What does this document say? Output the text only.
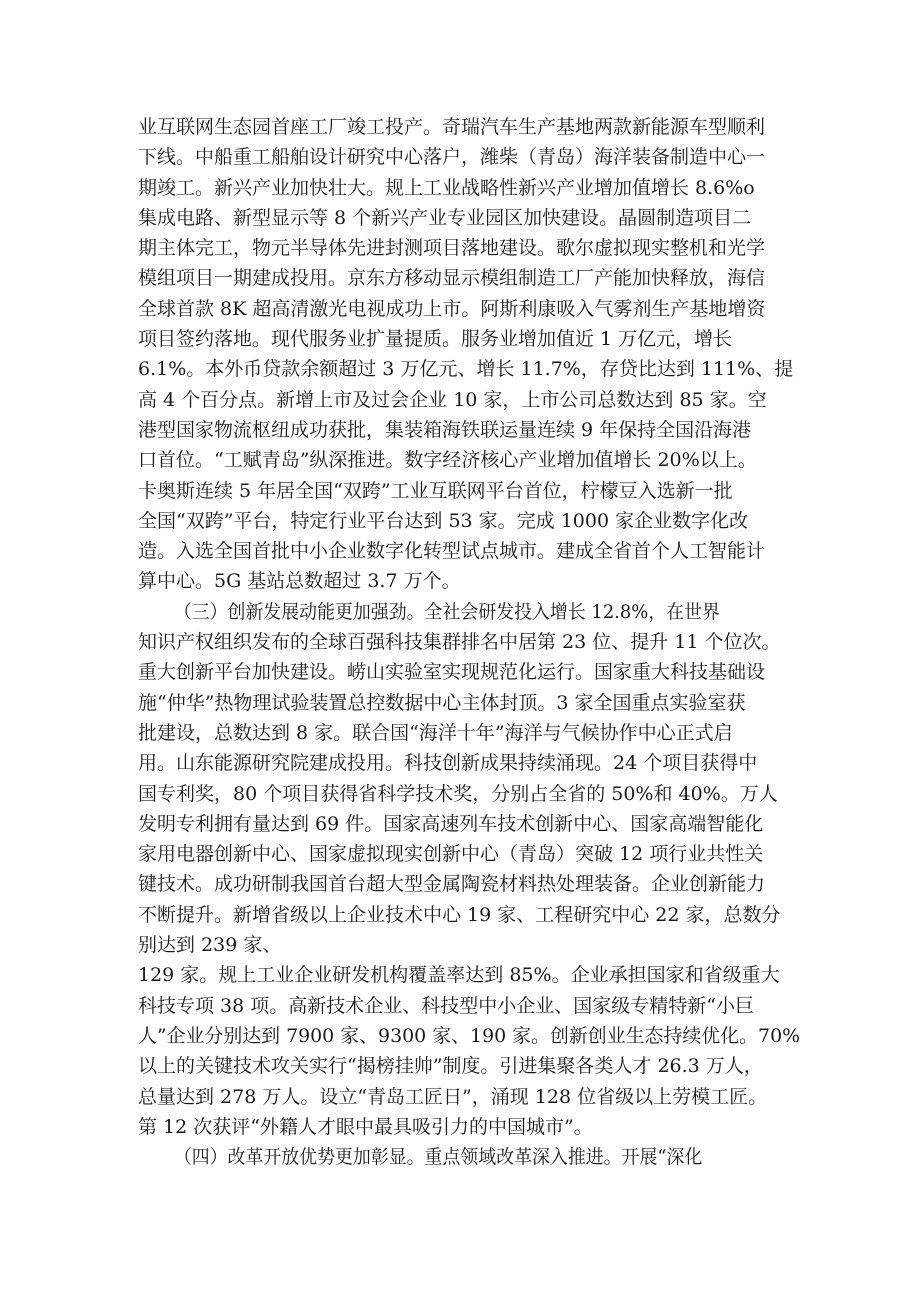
业互联网生态园首座工厂竣工投产。奇瑞汽车生产基地两款新能源车型顺利
下线。中船重工船舶设计研究中心落户，潍柴（青岛）海洋装备制造中心一
期竣工。新兴产业加快壮大。规上工业战略性新兴产业增加值增长 8.6%o
集成电路、新型显示等 8 个新兴产业专业园区加快建设。晶圆制造项目二
期主体完工，物元半导体先进封测项目落地建设。歌尔虚拟现实整机和光学
模组项目一期建成投用。京东方移动显示模组制造工厂产能加快释放，海信
全球首款 8K 超高清激光电视成功上市。阿斯利康吸入气雾剂生产基地增资
项目签约落地。现代服务业扩量提质。服务业增加值近 1 万亿元，增长
6.1%。本外币贷款余额超过 3 万亿元、增长 11.7%，存贷比达到 111%、提
高 4 个百分点。新增上市及过会企业 10 家，上市公司总数达到 85 家。空
港型国家物流枢纽成功获批，集装箱海铁联运量连续 9 年保持全国沿海港
口首位。“工赋青岛”纵深推进。数字经济核心产业增加值增长 20%以上。
卡奥斯连续 5 年居全国“双跨”工业互联网平台首位，柠檬豆入选新一批
全国“双跨”平台，特定行业平台达到 53 家。完成 1000 家企业数字化改
造。入选全国首批中小企业数字化转型试点城市。建成全省首个人工智能计
算中心。5G 基站总数超过 3.7 万个。

（三）创新发展动能更加强劲。全社会研发投入增长 12.8%，在世界
知识产权组织发布的全球百强科技集群排名中居第 23 位、提升 11 个位次。
重大创新平台加快建设。崂山实验室实现规范化运行。国家重大科技基础设
施“仲华”热物理试验装置总控数据中心主体封顶。3 家全国重点实验室获
批建设，总数达到 8 家。联合国“海洋十年”海洋与气候协作中心正式启
用。山东能源研究院建成投用。科技创新成果持续涌现。24 个项目获得中
国专利奖，80 个项目获得省科学技术奖，分别占全省的 50%和 40%。万人
发明专利拥有量达到 69 件。国家高速列车技术创新中心、国家高端智能化
家用电器创新中心、国家虚拟现实创新中心（青岛）突破 12 项行业共性关
键技术。成功研制我国首台超大型金属陶瓷材料热处理装备。企业创新能力
不断提升。新增省级以上企业技术中心 19 家、工程研究中心 22 家，总数分
别达到 239 家、
129 家。规上工业企业研发机构覆盖率达到 85%。企业承担国家和省级重大
科技专项 38 项。高新技术企业、科技型中小企业、国家级专精特新“小巨
人”企业分别达到 7900 家、9300 家、190 家。创新创业生态持续优化。70%
以上的关键技术攻关实行“揭榜挂帅”制度。引进集聚各类人才 26.3 万人，
总量达到 278 万人。设立“青岛工匠日”，涌现 128 位省级以上劳模工匠。
第 12 次获评“外籍人才眼中最具吸引力的中国城市”。

（四）改革开放优势更加彰显。重点领域改革深入推进。开展“深化
